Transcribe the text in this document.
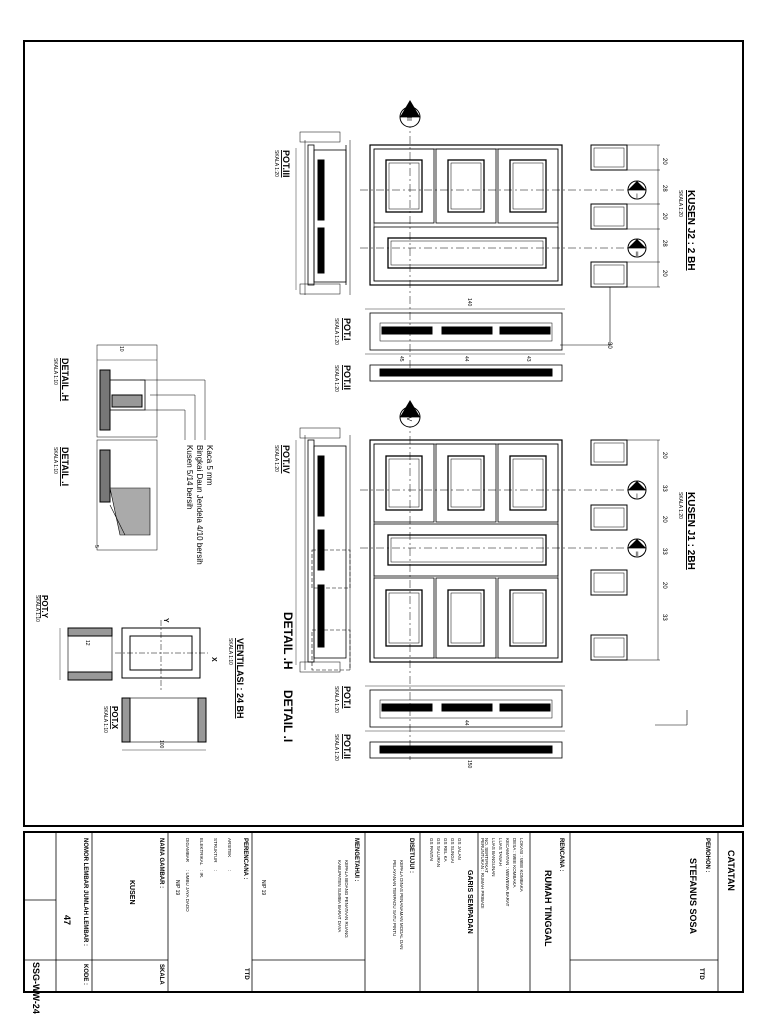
III
I
II
20
28
20
28
20
30
KUSEN J2 : 2 BH
SKALA 1:20
POT.III
SKALA 1:20
POT.I
SKALA 1:20
POT.II
SKALA 1:20
IV
I
II
20
33
20
33
20
33
KUSEN J1 : 2BH
SKALA 1:20
POT.IV
SKALA 1:20
DETAIL .H
DETAIL .I	POT.I
SKALA 1:20
POT.II
SKALA 1:20
DETAIL .H
SKALA 1:10
DETAIL .I
SKALA 1:10	Kaca 5 mm
Bingkai Daun Jendela 4/10 bersih
Kusen 5/14 bersih
POT.Y
SKALA 1:10	Y
X VENTILASI : 24 BH
SKALA 1:10
POT.X
SKALA 1:10
140
150
45	44
44
43
100
12
10
5
CATATAN
PEMOHON :
STEFANUS SOSA
TTD
RENCANA :
RUMAH TINGGAL
LOKASI : WEE KOMBAKA
DESA : WEE KOMBAKA
KECAMATAN : WEWEWA BARAT
LUAS TANAH
LUAS BANGUNAN
NO. SERTIFIKAT
PERUNTUKAN : RUMAH PRIBADI
GARIS SEMPADAN
GS JALAN
GS SUNGAI
GS REL KA
GS SALURAN
GS PANTAI
DISETUJUI :
KEPALA DINAS PENANAMAN MODAL DAN
PELAYANAN TERPADU SATU PINTU
MENGETAHUI :
KEPALA BIDANG PENATAAN RUANG
KABUPATEN SUMBA BARAT DAYA
NIP 19
PERENCANA :
ARSITEK
STRUKTUR
ELEKTRIKAL
DIGAMBAR
:
:
: IR.
: UMBU JAYA DADO
NIP 19
TTD
NAMA GAMBAR :
KUSEN
SKALA
NOMOR LEMBAR :
JUMLAH LEMBAR :
47
KODE :
SSG-WW-24
